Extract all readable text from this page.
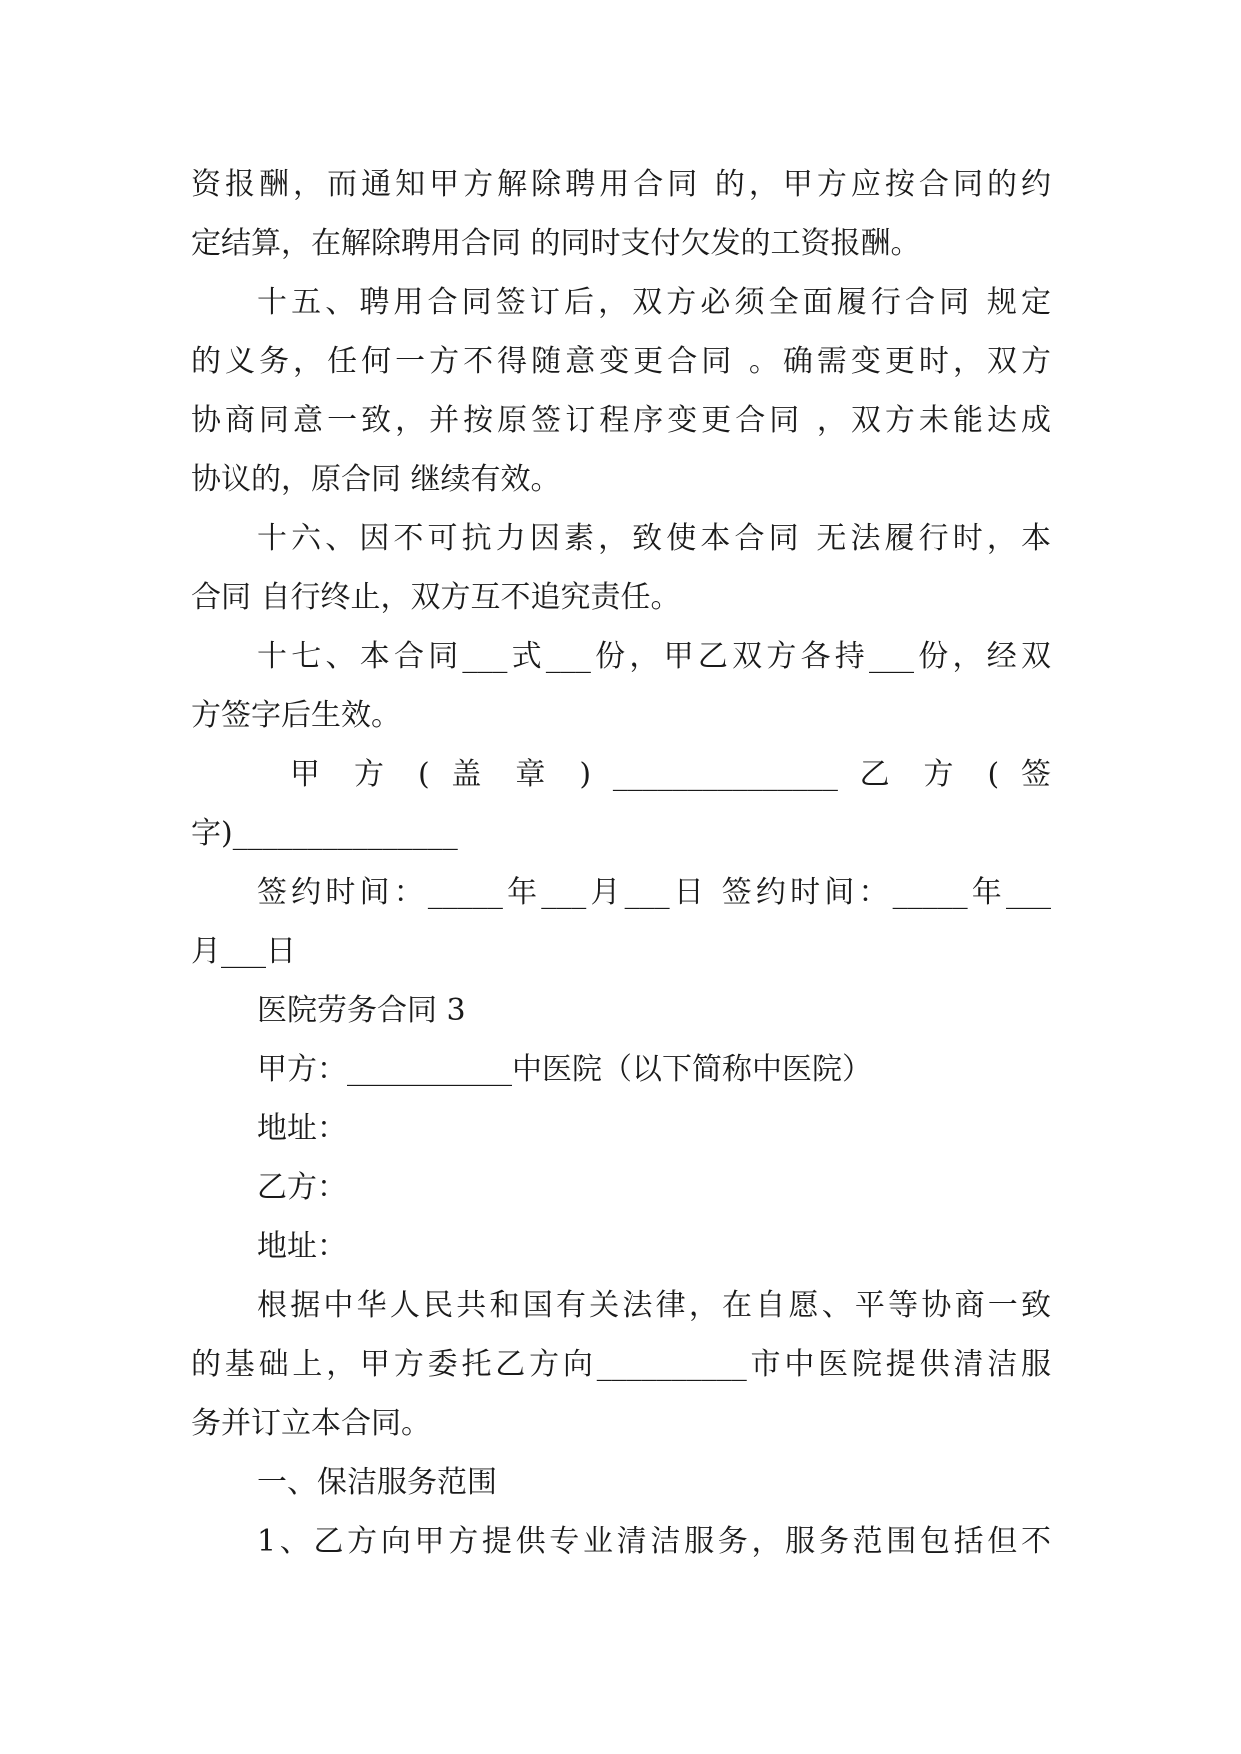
资报酬，而通知甲方解除聘用合同 的，甲方应按合同的约
定结算，在解除聘用合同 的同时支付欠发的工资报酬。
十五、聘用合同签订后，双方必须全面履行合同 规定
的义务，任何一方不得随意变更合同 。确需变更时，双方
协商同意一致，并按原签订程序变更合同 ，双方未能达成
协议的，原合同 继续有效。
十六、因不可抗力因素，致使本合同 无法履行时，本
合同 自行终止，双方互不追究责任。
十七、本合同___式___份，甲乙双方各持___份，经双
方签字后生效。
甲 方 ( 盖 章 ) _______________ 乙 方 ( 签
字)_______________
签约时间：_____年___月___日 签约时间：_____年___
月___日
医院劳务合同 3
甲方：___________中医院（以下简称中医院）
地址：
乙方：
地址：
根据中华人民共和国有关法律，在自愿、平等协商一致
的基础上，甲方委托乙方向__________市中医院提供清洁服
务并订立本合同。
一、保洁服务范围
1、乙方向甲方提供专业清洁服务，服务范围包括但不
